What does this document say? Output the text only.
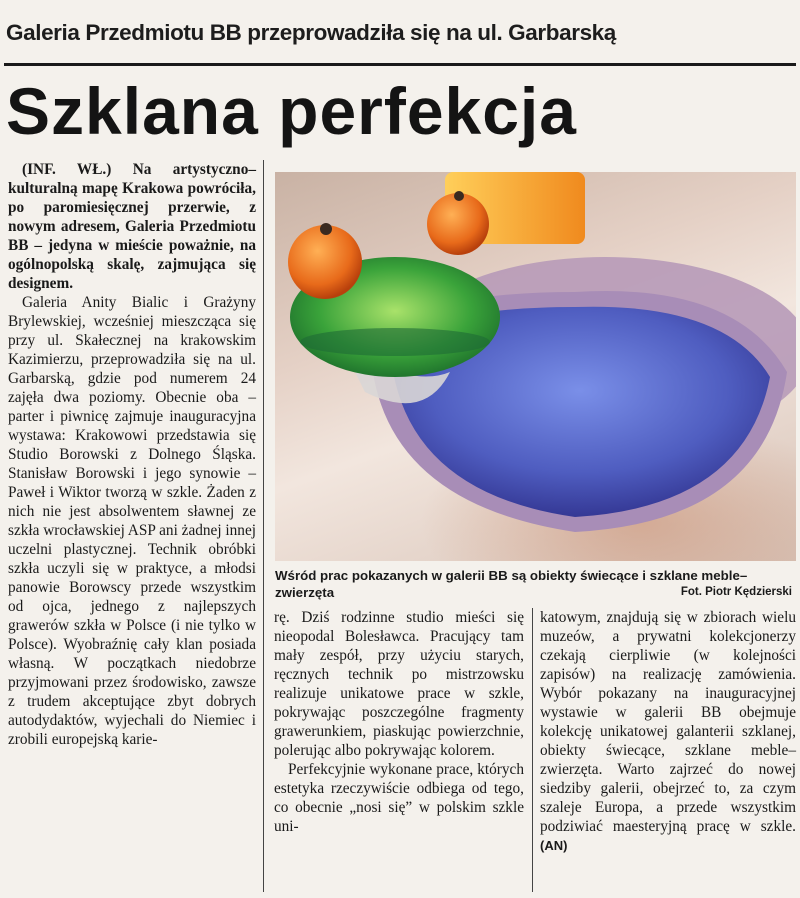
Galeria Przedmiotu BB przeprowadziła się na ul. Garbarską
Szklana perfekcja

(INF. WŁ.) Na artystyczno–kulturalną mapę Krakowa powróciła, po paromiesięcznej przerwie, z nowym adresem, Galeria Przedmiotu BB – jedyna w mieście poważnie, na ogólnopolską skalę, zajmująca się designem.

Galeria Anity Bialic i Grażyny Brylewskiej, wcześniej mieszcząca się przy ul. Skałecznej na krakowskim Kazimierzu, przeprowadziła się na ul. Garbarską, gdzie pod numerem 24 zajęła dwa poziomy. Obecnie oba – parter i piwnicę zajmuje inauguracyjna wystawa: Krakowowi przedstawia się Studio Borowski z Dolnego Śląska. Stanisław Borowski i jego synowie – Paweł i Wiktor tworzą w szkle. Żaden z nich nie jest absolwentem sławnej ze szkła wrocławskiej ASP ani żadnej innej uczelni plastycznej. Technik obróbki szkła uczyli się w praktyce, a młodsi panowie Borowscy przede wszystkim od ojca, jednego z najlepszych grawerów szkła w Polsce (i nie tylko w Polsce). Wyobraźnię cały klan posiada własną. W początkach niedobrze przyjmowani przez środowisko, zawsze z trudem akceptujące zbyt dobrych autodydaktów, wyjechali do Niemiec i zrobili europejską karie-

Wśród prac pokazanych w galerii BB są obiekty świecące i szklane meble–zwierzęta	Fot. Piotr Kędzierski

rę. Dziś rodzinne studio mieści się nieopodal Bolesławca. Pracujący tam mały zespół, przy użyciu starych, ręcznych technik po mistrzowsku realizuje unikatowe prace w szkle, pokrywając poszczególne fragmenty grawerunkiem, piaskując powierzchnie, polerując albo pokrywając kolorem.

Perfekcyjnie wykonane prace, których estetyka rzeczywiście odbiega od tego, co obecnie „nosi się” w polskim szkle uni-

katowym, znajdują się w zbiorach wielu muzeów, a prywatni kolekcjonerzy czekają cierpliwie (w kolejności zapisów) na realizację zamówienia. Wybór pokazany na inauguracyjnej wystawie w galerii BB obejmuje kolekcję unikatowej galanterii szklanej, obiekty świecące, szklane meble–zwierzęta. Warto zajrzeć do nowej siedziby galerii, obejrzeć to, za czym szaleje Europa, a przede wszystkim podziwiać maesteryjną pracę w szkle. (AN)
